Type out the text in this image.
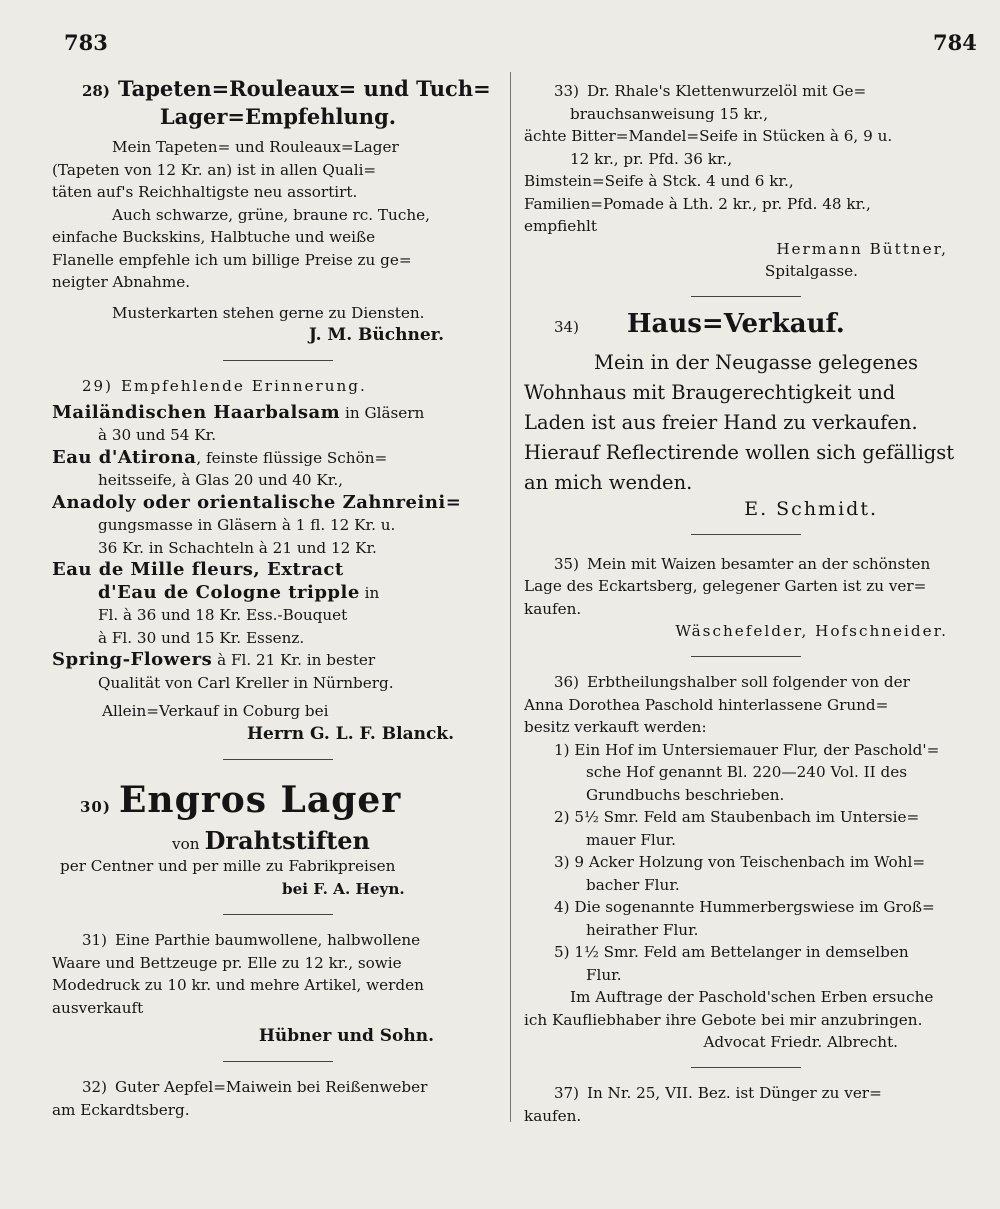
783	784
28) Tapeten=Rouleaux= und Tuch=
Lager=Empfehlung.
Mein Tapeten= und Rouleaux=Lager
(Tapeten von 12 Kr. an) ist in allen Quali=
täten auf's Reichhaltigste neu assortirt.
Auch schwarze, grüne, braune rc. Tuche,
einfache Buckskins, Halbtuche und weiße
Flanelle empfehle ich um billige Preise zu ge=
neigter Abnahme.
Musterkarten stehen gerne zu Diensten.
J. M. Büchner.
29) Empfehlende Erinnerung.
Mailändischen Haarbalsam in Gläsern
à 30 und 54 Kr.
Eau d'Atirona, feinste flüssige Schön=
heitsseife, à Glas 20 und 40 Kr.,
Anadoly oder orientalische Zahnreini=
gungsmasse in Gläsern à 1 fl. 12 Kr. u.
36 Kr. in Schachteln à 21 und 12 Kr.
Eau de Mille fleurs, Extract
d'Eau de Cologne tripple in
Fl. à 36 und 18 Kr. Ess.-Bouquet
à Fl. 30 und 15 Kr. Essenz.
Spring-Flowers à Fl. 21 Kr. in bester
Qualität von Carl Kreller in Nürnberg.
Allein=Verkauf in Coburg bei
Herrn G. L. F. Blanck.
30) Engros Lager
von Drahtstiften
per Centner und per mille zu Fabrikpreisen
bei F. A. Heyn.
31) Eine Parthie baumwollene, halbwollene
Waare und Bettzeuge pr. Elle zu 12 kr., sowie
Modedruck zu 10 kr. und mehre Artikel, werden
ausverkauft
Hübner und Sohn.
32) Guter Aepfel=Maiwein bei Reißenweber
am Eckardtsberg.
33) Dr. Rhale's Klettenwurzelöl mit Ge=
brauchsanweisung 15 kr.,
ächte Bitter=Mandel=Seife in Stücken à 6, 9 u.
12 kr., pr. Pfd. 36 kr.,
Bimstein=Seife à Stck. 4 und 6 kr.,
Familien=Pomade à Lth. 2 kr., pr. Pfd. 48 kr.,
empfiehlt
Hermann Büttner,
Spitalgasse.
34) Haus=Verkauf.
Mein in der Neugasse gelegenes
Wohnhaus mit Braugerechtigkeit und
Laden ist aus freier Hand zu verkaufen.
Hierauf Reflectirende wollen sich gefälligst
an mich wenden.
E. Schmidt.
35) Mein mit Waizen besamter an der schönsten
Lage des Eckartsberg, gelegener Garten ist zu ver=
kaufen.
Wäschefelder, Hofschneider.
36) Erbtheilungshalber soll folgender von der
Anna Dorothea Paschold hinterlassene Grund=
besitz verkauft werden:
1) Ein Hof im Untersiemauer Flur, der Paschold'=
sche Hof genannt Bl. 220—240 Vol. II des
Grundbuchs beschrieben.
2) 5½ Smr. Feld am Staubenbach im Untersie=
mauer Flur.
3) 9 Acker Holzung von Teischenbach im Wohl=
bacher Flur.
4) Die sogenannte Hummerbergswiese im Groß=
heirather Flur.
5) 1½ Smr. Feld am Bettelanger in demselben
Flur.
Im Auftrage der Paschold'schen Erben ersuche
ich Kaufliebhaber ihre Gebote bei mir anzubringen.
Advocat Friedr. Albrecht.
37) In Nr. 25, VII. Bez. ist Dünger zu ver=
kaufen.
